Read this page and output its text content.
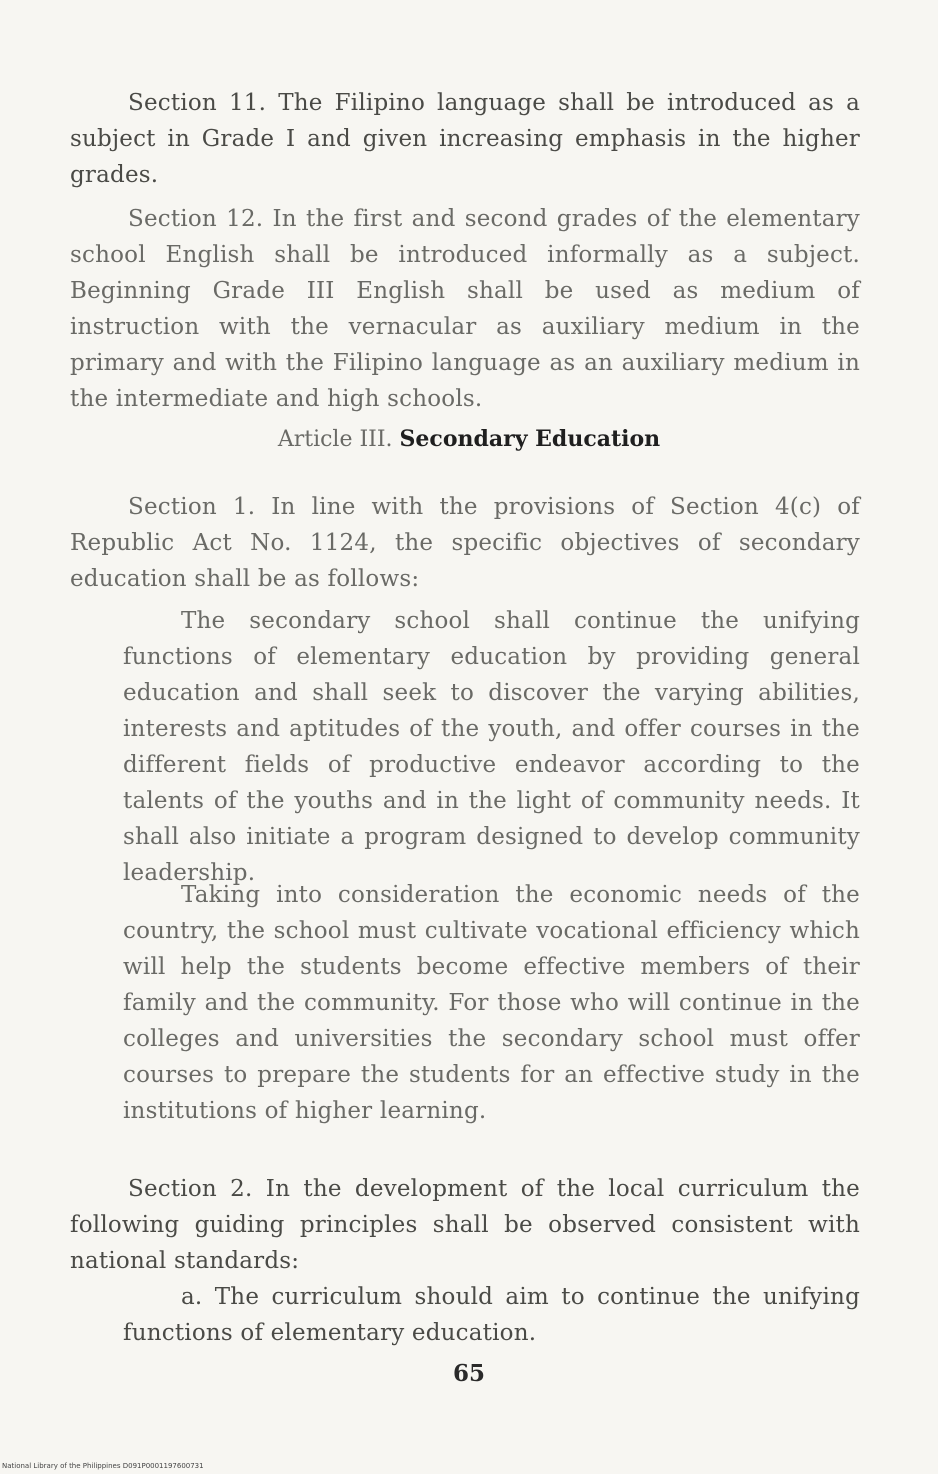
Section 11. The Filipino language shall be introduced as a subject in Grade I and given increasing emphasis in the higher grades.

Section 12. In the first and second grades of the elementary school English shall be introduced informally as a subject. Beginning Grade III English shall be used as medium of instruction with the vernacular as auxiliary medium in the primary and with the Filipino language as an auxiliary medium in the intermediate and high schools.

Article III. Secondary Education

Section 1. In line with the provisions of Section 4(c) of Republic Act No. 1124, the specific objectives of secondary education shall be as follows:

The secondary school shall continue the unifying functions of elementary education by providing general education and shall seek to discover the varying abilities, interests and aptitudes of the youth, and offer courses in the different fields of productive endeavor according to the talents of the youths and in the light of community needs. It shall also initiate a program designed to develop community leadership.

Taking into consideration the economic needs of the country, the school must cultivate vocational efficiency which will help the students become effective members of their family and the community. For those who will continue in the colleges and universities the secondary school must offer courses to prepare the students for an effective study in the institutions of higher learning.

Section 2. In the development of the local curriculum the following guiding principles shall be observed consistent with national standards:

a. The curriculum should aim to continue the unifying functions of elementary education.

65
National Library of the Philippines D091P0001197600731
